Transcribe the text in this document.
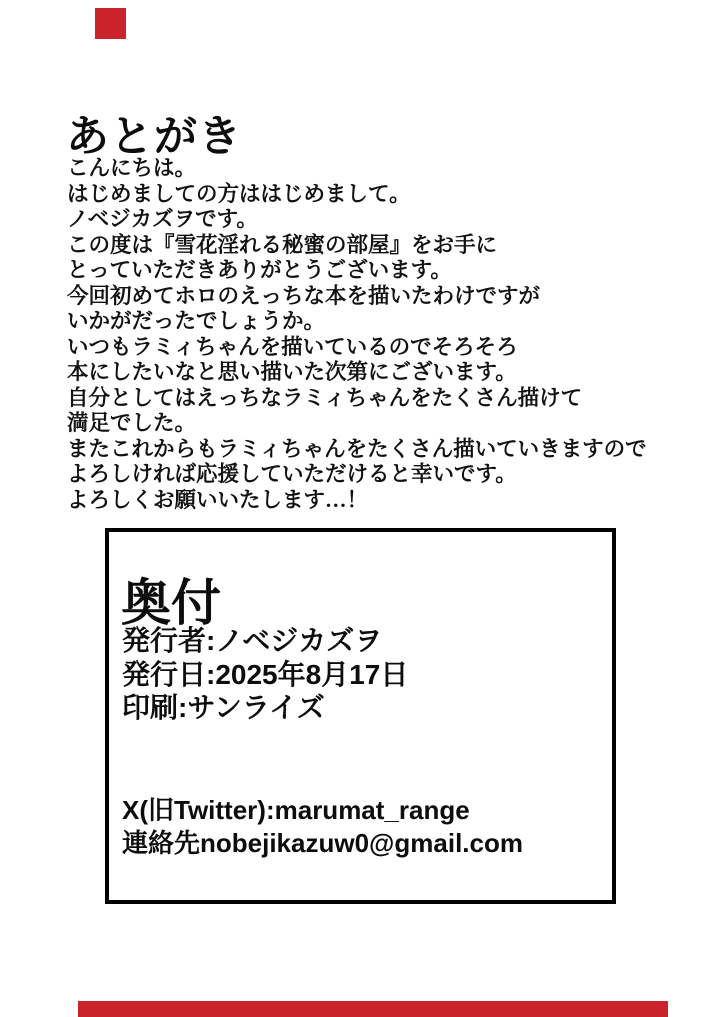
あとがき
こんにちは。
はじめましての方ははじめまして。
ノベジカズヲです。
この度は『雪花淫れる秘蜜の部屋』をお手に
とっていただきありがとうございます。
今回初めてホロのえっちな本を描いたわけですが
いかがだったでしょうか。
いつもラミィちゃんを描いているのでそろそろ
本にしたいなと思い描いた次第にございます。
自分としてはえっちなラミィちゃんをたくさん描けて
満足でした。
またこれからもラミィちゃんをたくさん描いていきますので
よろしければ応援していただけると幸いです。
よろしくお願いいたします…！
奥付
発行者:ノベジカズヲ
発行日:2025年8月17日
印刷:サンライズ
X(旧Twitter):marumat_range
連絡先nobejikazuw0@gmail.com
